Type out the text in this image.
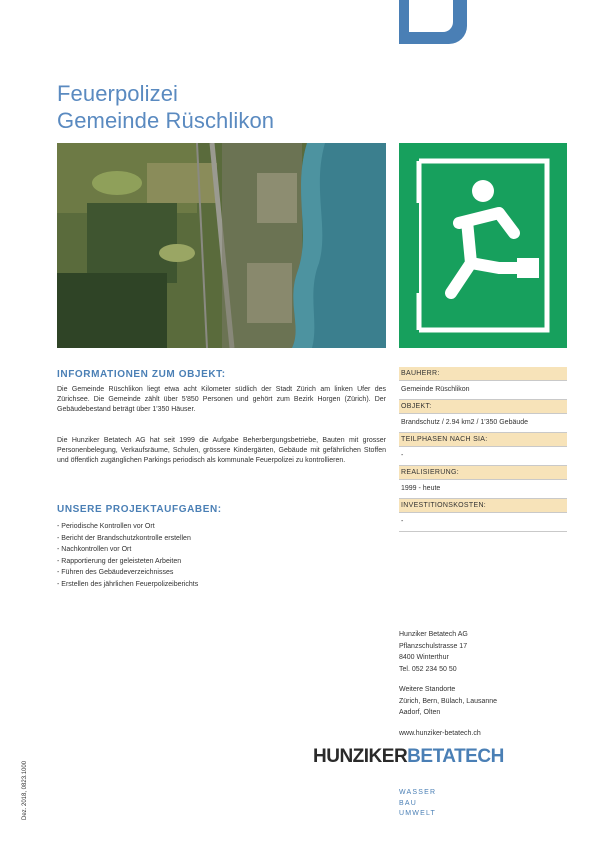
Feuerpolizei
Gemeinde Rüschlikon
INFORMATIONEN ZUM OBJEKT:

Die Gemeinde Rüschlikon liegt etwa acht Kilometer südlich der Stadt Zürich am linken Ufer des Zürichsee. Die Gemeinde zählt über 5'850 Personen und gehört zum Bezirk Horgen (Zürich). Der Gebäudebestand beträgt über 1'350 Häuser.

Die Hunziker Betatech AG hat seit 1999 die Aufgabe Beherbergungsbetriebe, Bauten mit grosser Personenbelegung, Verkaufsräume, Schulen, grössere Kindergärten, Gebäude mit gefährlichen Stoffen und öffentlich zugänglichen Parkings periodisch als kommunale Feuerpolizei zu kontrollieren.

UNSERE PROJEKTAUFGABEN:
- Periodische Kontrollen vor Ort
- Bericht der Brandschutzkontrolle erstellen
- Nachkontrollen vor Ort
- Rapportierung der geleisteten Arbeiten
- Führen des Gebäudeverzeichnisses
- Erstellen des jährlichen Feuerpolizeiberichts
BAUHERR:
Gemeinde Rüschlikon
OBJEKT:
Brandschutz / 2.94 km2 / 1'350 Gebäude
TEILPHASEN NACH SIA:
-
REALISIERUNG:
1999 - heute
INVESTITIONSKOSTEN:
-
Hunziker Betatech AG
Pflanzschulstrasse 17
8400 Winterthur
Tel. 052 234 50 50
Weitere Standorte
Zürich, Bern, Bülach, Lausanne
Aadorf, Olten
www.hunziker-betatech.ch
HUNZIKERBETATECH
WASSER
BAU
UMWELT
Dez. 2018, 0823.1000
